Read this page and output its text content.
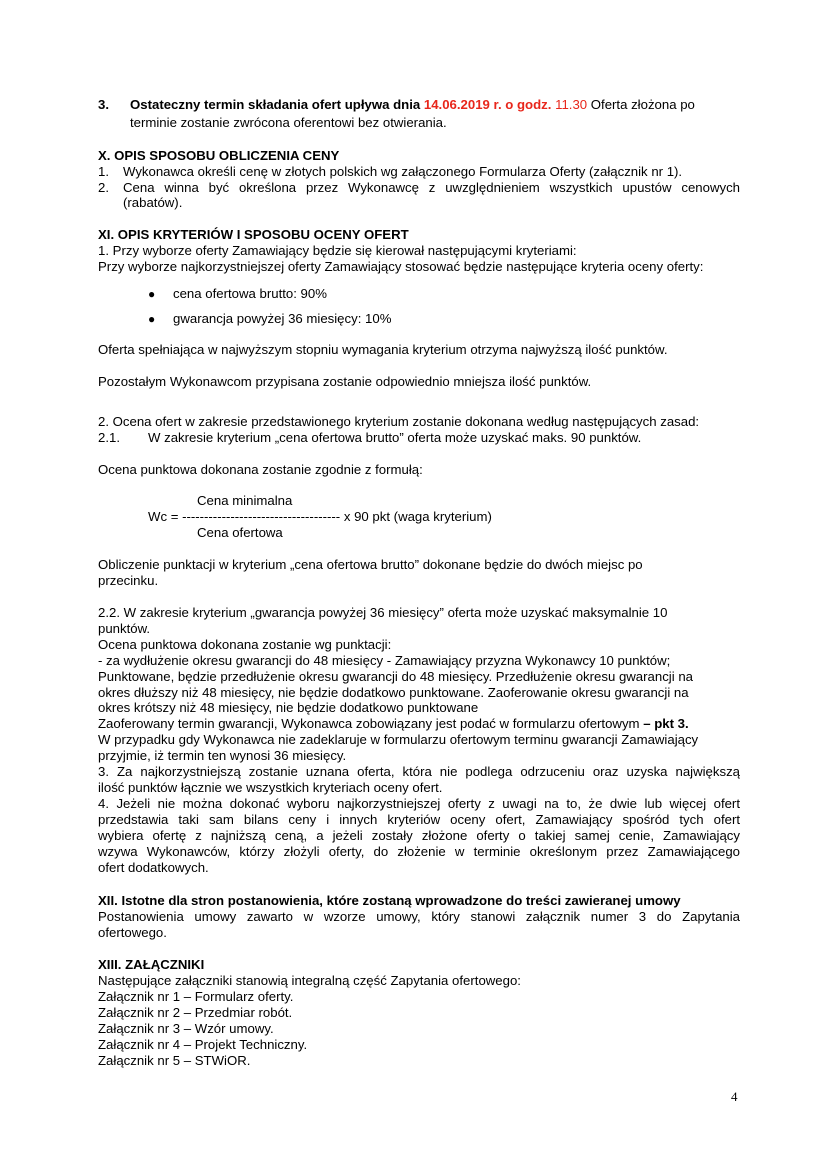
3. Ostateczny termin składania ofert upływa dnia 14.06.2019 r. o godz. 11.30 Oferta złożona po
terminie zostanie zwrócona oferentowi bez otwierania.
X. OPIS SPOSOBU OBLICZENIA CENY
1. Wykonawca określi cenę w złotych polskich wg załączonego Formularza Oferty (załącznik nr 1).
2. Cena winna być określona przez Wykonawcę z uwzględnieniem wszystkich upustów cenowych
(rabatów).
XI. OPIS KRYTERIÓW I SPOSOBU OCENY OFERT
1. Przy wyborze oferty Zamawiający będzie się kierował następującymi kryteriami:
Przy wyborze najkorzystniejszej oferty Zamawiający stosować będzie następujące kryteria oceny oferty:
● cena ofertowa brutto: 90%
● gwarancja powyżej 36 miesięcy: 10%
Oferta spełniająca w najwyższym stopniu wymagania kryterium otrzyma najwyższą ilość punktów.
Pozostałym Wykonawcom przypisana zostanie odpowiednio mniejsza ilość punktów.
2. Ocena ofert w zakresie przedstawionego kryterium zostanie dokonana według następujących zasad:
2.1. W zakresie kryterium „cena ofertowa brutto” oferta może uzyskać maks. 90 punktów.
Ocena punktowa dokonana zostanie zgodnie z formułą:
Cena minimalna
Wc = ------------------------------------ x 90 pkt (waga kryterium)
Cena ofertowa
Obliczenie punktacji w kryterium „cena ofertowa brutto” dokonane będzie do dwóch miejsc po
przecinku.
2.2. W zakresie kryterium „gwarancja powyżej 36 miesięcy” oferta może uzyskać maksymalnie 10
punktów.
Ocena punktowa dokonana zostanie wg punktacji:
- za wydłużenie okresu gwarancji do 48 miesięcy - Zamawiający przyzna Wykonawcy 10 punktów;
Punktowane, będzie przedłużenie okresu gwarancji do 48 miesięcy. Przedłużenie okresu gwarancji na
okres dłuższy niż 48 miesięcy, nie będzie dodatkowo punktowane. Zaoferowanie okresu gwarancji na
okres krótszy niż 48 miesięcy, nie będzie dodatkowo punktowane
Zaoferowany termin gwarancji, Wykonawca zobowiązany jest podać w formularzu ofertowym – pkt 3.
W przypadku gdy Wykonawca nie zadeklaruje w formularzu ofertowym terminu gwarancji Zamawiający
przyjmie, iż termin ten wynosi 36 miesięcy.
3. Za najkorzystniejszą zostanie uznana oferta, która nie podlega odrzuceniu oraz uzyska największą
ilość punktów łącznie we wszystkich kryteriach oceny ofert.
4. Jeżeli nie można dokonać wyboru najkorzystniejszej oferty z uwagi na to, że dwie lub więcej ofert
przedstawia taki sam bilans ceny i innych kryteriów oceny ofert, Zamawiający spośród tych ofert
wybiera ofertę z najniższą ceną, a jeżeli zostały złożone oferty o takiej samej cenie, Zamawiający
wzywa Wykonawców, którzy złożyli oferty, do złożenie w terminie określonym przez Zamawiającego
ofert dodatkowych.
XII. Istotne dla stron postanowienia, które zostaną wprowadzone do treści zawieranej umowy
Postanowienia umowy zawarto w wzorze umowy, który stanowi załącznik numer 3 do Zapytania
ofertowego.
XIII. ZAŁĄCZNIKI
Następujące załączniki stanowią integralną część Zapytania ofertowego:
Załącznik nr 1 – Formularz oferty.
Załącznik nr 2 – Przedmiar robót.
Załącznik nr 3 – Wzór umowy.
Załącznik nr 4 – Projekt Techniczny.
Załącznik nr 5 – STWiOR.
4
